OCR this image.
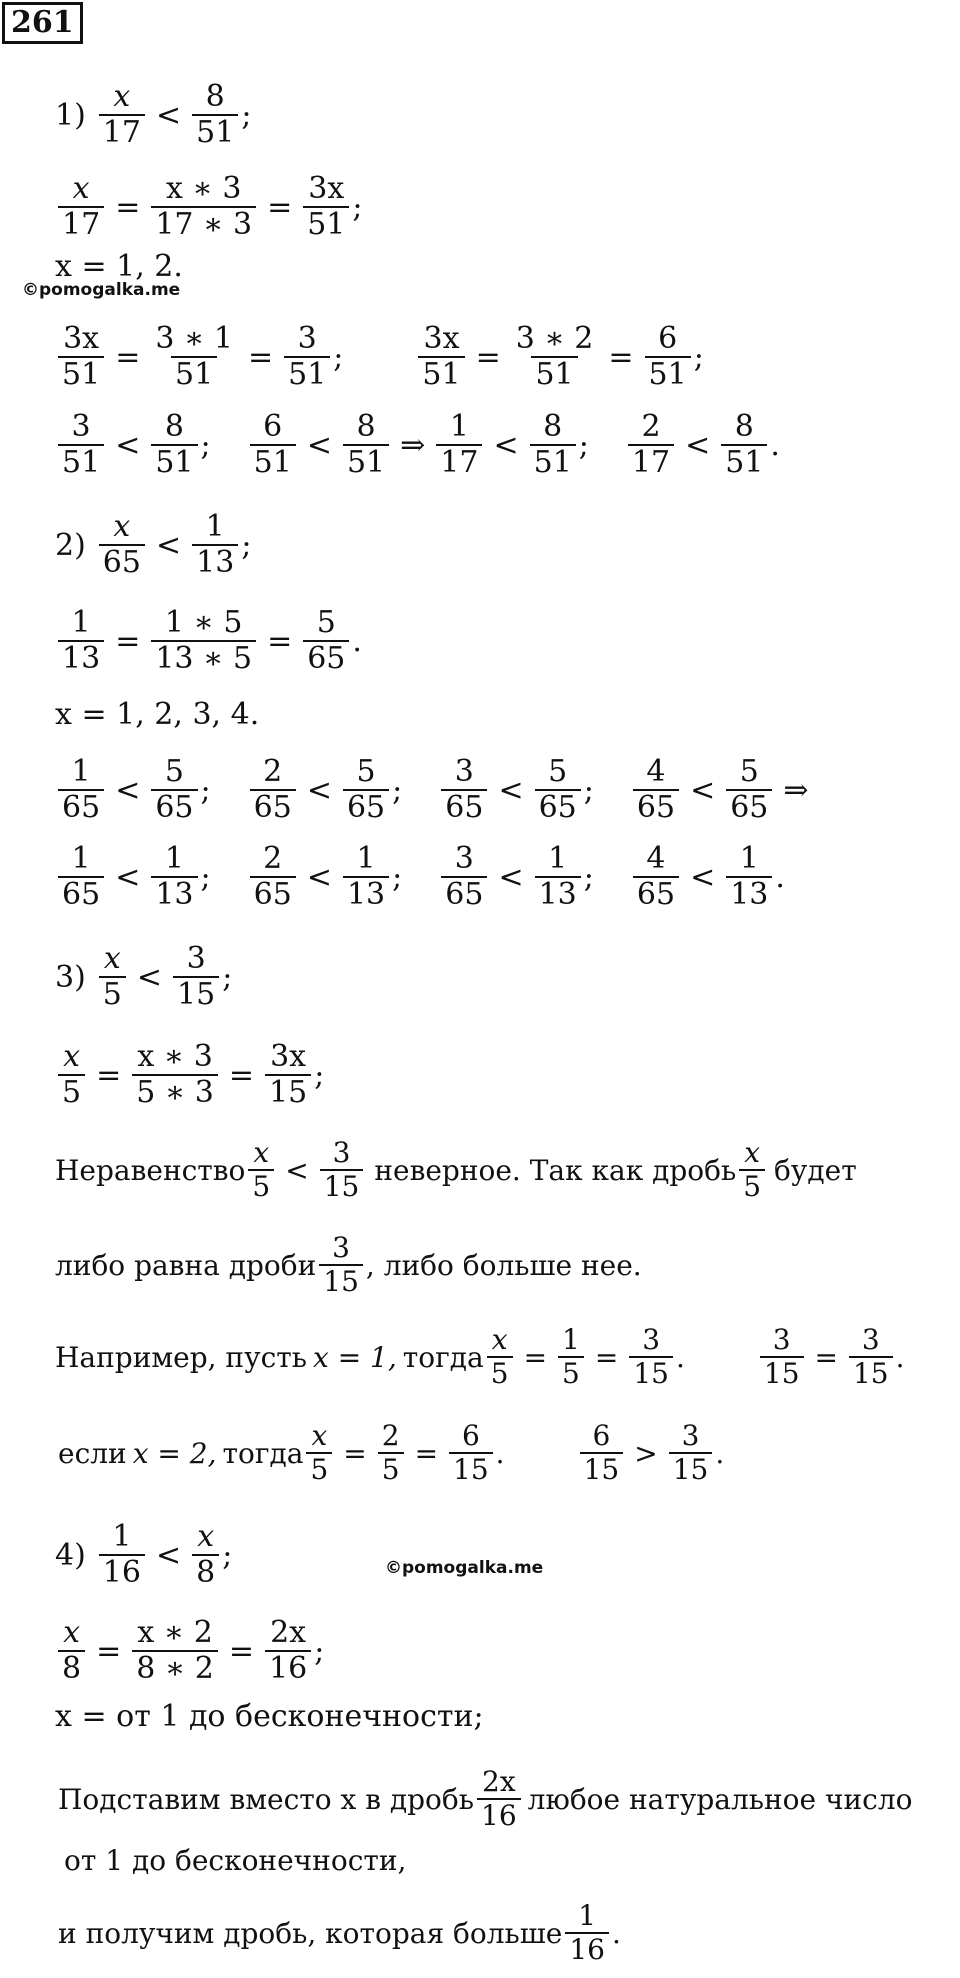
261
©pomogalka.me
©pomogalka.me
$1) \frac{x}{17} < \frac{8}{51}$ ;
$\frac{x}{17} = \frac{x ∗ 3}{17 ∗ 3} = \frac{3x}{51}$ ;
x = 1, 2.
$\frac{3x}{51} = \frac{3 ∗ 1}{51} = \frac{3}{51}$ ;	$\frac{3x}{51} = \frac{3 ∗ 2}{51} = \frac{6}{51}$ ;
$\frac{3}{51} < \frac{8}{51}$ ; $\frac{6}{51} < \frac{8}{51}$ ⇒ $\frac{1}{17} < \frac{8}{51}$ ; $\frac{2}{17} < \frac{8}{51}$ .
$2) \frac{x}{65} < \frac{1}{13}$ ;
$\frac{1}{13} = \frac{1 ∗ 5}{13 ∗ 5} = \frac{5}{65}$ .
x = 1, 2, 3, 4.
$\frac{1}{65} < \frac{5}{65}$ ; $\frac{2}{65} < \frac{5}{65}$ ; $\frac{3}{65} < \frac{5}{65}$ ; $\frac{4}{65} < \frac{5}{65}$ ⇒
$\frac{1}{65} < \frac{1}{13}$ ; $\frac{2}{65} < \frac{1}{13}$ ; $\frac{3}{65} < \frac{1}{13}$ ; $\frac{4}{65} < \frac{1}{13}$ .
$3) \frac{x}{5} < \frac{3}{15}$ ;
$\frac{x}{5} = \frac{x ∗ 3}{5 ∗ 3} = \frac{3x}{15}$ ;
Неравенство $\frac{x}{5} < \frac{3}{15}$ неверное. Так как дробь $\frac{x}{5}$ будет
либо равна дроби $\frac{3}{15}$ , либо больше нее.
Например, пусть x = 1, тогда $\frac{x}{5} = \frac{1}{5} = \frac{3}{15}$ .	$\frac{3}{15} = \frac{3}{15}$ .
если x = 2, тогда $\frac{x}{5} = \frac{2}{5} = \frac{6}{15}$ .	$\frac{6}{15} > \frac{3}{15}$ .
$4) \frac{1}{16} < \frac{x}{8}$ ;
$\frac{x}{8} = \frac{x ∗ 2}{8 ∗ 2} = \frac{2x}{16}$ ;
x = от 1 до бесконечности;
Подставим вместо x в дробь $\frac{2x}{16}$ любое натуральное число
от 1 до бесконечности,
и получим дробь, которая больше $\frac{1}{16}$ .
